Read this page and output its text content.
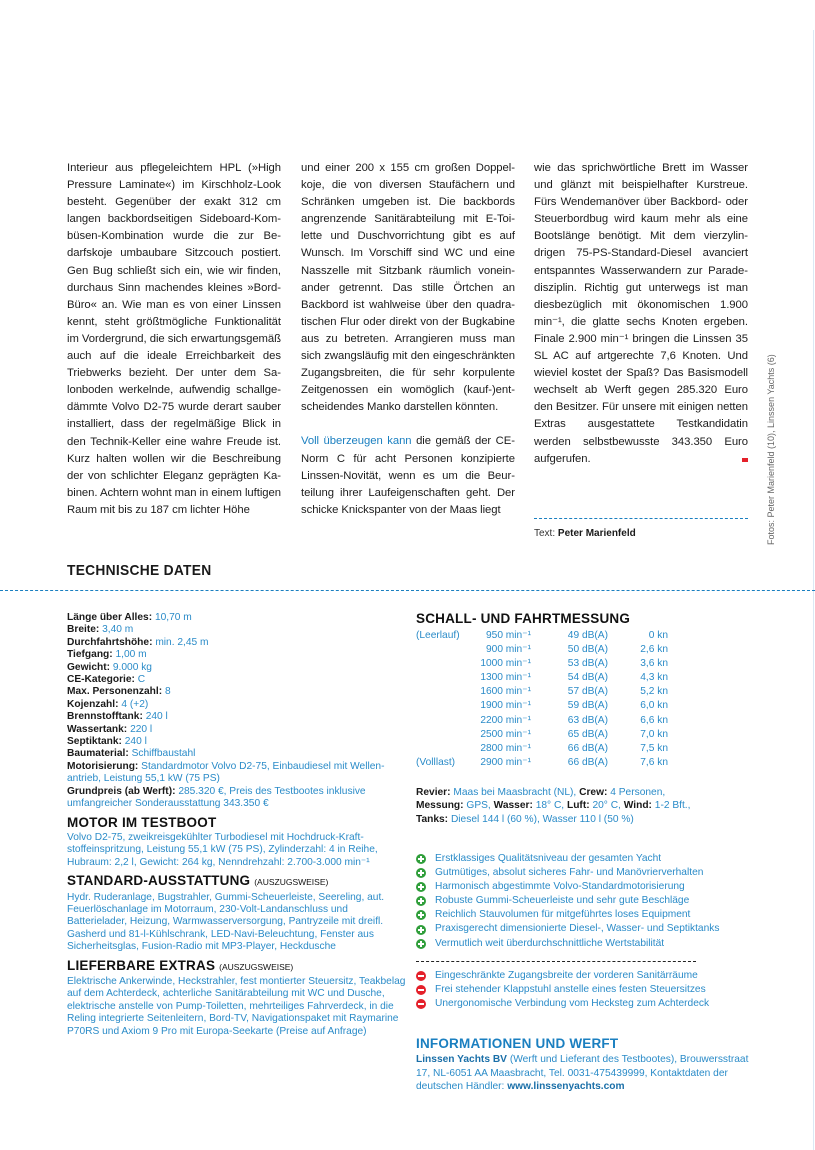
Interieur aus pflegeleichtem HPL (»High Pressure Laminate«) im Kirschholz-Look besteht. Gegenüber der exakt 312 cm langen backbordseitigen Sideboard-Kombüsen-Kombination wurde die zur Bedarfskoje umbaubare Sitzcouch postiert. Gen Bug schließt sich ein, wie wir finden, durchaus Sinn machendes kleines »Bord-Büro« an. Wie man es von einer Linssen kennt, steht größtmögliche Funktionalität im Vordergrund, die sich erwartungsgemäß auch auf die ideale Erreichbarkeit des Triebwerks bezieht. Der unter dem Salonboden werkelnde, aufwendig schallgedämmte Volvo D2-75 wurde derart sauber installiert, dass der regelmäßige Blick in den Technik-Keller eine wahre Freude ist. Kurz halten wollen wir die Beschreibung der von schlichter Eleganz geprägten Kabinen. Achtern wohnt man in einem luftigen Raum mit bis zu 187 cm lichter Höhe

und einer 200 x 155 cm großen Doppelkoje, die von diversen Staufächern und Schränken umgeben ist. Die backbords angrenzende Sanitärabteilung mit E-Toilette und Duschvorrichtung gibt es auf Wunsch. Im Vorschiff sind WC und eine Nasszelle mit Sitzbank räumlich voneinander getrennt. Das stille Örtchen an Backbord ist wahlweise über den quadratischen Flur oder direkt von der Bugkabine aus zu betreten. Arrangieren muss man sich zwangsläufig mit den eingeschränkten Zugangsbreiten, die für sehr korpulente Zeitgenossen ein womöglich (kauf-)entscheidendes Manko darstellen könnten.

Voll überzeugen kann die gemäß der CE-Norm C für acht Personen konzipierte Linssen-Novität, wenn es um die Beurteilung ihrer Laufeigenschaften geht. Der schicke Knickspanter von der Maas liegt

wie das sprichwörtliche Brett im Wasser und glänzt mit beispielhafter Kurstreue. Fürs Wendemanöver über Backbord- oder Steuerbordbug wird kaum mehr als eine Bootslänge benötigt. Mit dem vierzylindrigen 75-PS-Standard-Diesel avanciert entspanntes Wasserwandern zur Paradedisziplin. Richtig gut unterwegs ist man diesbezüglich mit ökonomischen 1.900 min⁻¹, die glatte sechs Knoten ergeben. Finale 2.900 min⁻¹ bringen die Linssen 35 SL AC auf artgerechte 7,6 Knoten. Und wieviel kostet der Spaß? Das Basismodell wechselt ab Werft gegen 285.320 Euro den Besitzer. Für unsere mit einigen netten Extras ausgestattete Testkandidatin werden selbstbewusste 343.350 Euro aufgerufen.

Text: Peter Marienfeld	Fotos: Peter Marienfeld (10), Linssen Yachts (6)
TECHNISCHE DATEN
Länge über Alles: 10,70 m
Breite: 3,40 m
Durchfahrtshöhe: min. 2,45 m
Tiefgang: 1,00 m
Gewicht: 9.000 kg
CE-Kategorie: C
Max. Personenzahl: 8
Kojenzahl: 4 (+2)
Brennstofftank: 240 l
Wassertank: 220 l
Septiktank: 240 l
Baumaterial: Schiffbaustahl
Motorisierung: Standardmotor Volvo D2-75, Einbaudiesel mit Wellenantrieb, Leistung 55,1 kW (75 PS)
Grundpreis (ab Werft): 285.320 €, Preis des Testbootes inklusive umfangreicher Sonderausstattung 343.350 €
MOTOR IM TESTBOOT
Volvo D2-75, zweikreisgekühlter Turbodiesel mit Hochdruck-Kraftstoffeinspritzung, Leistung 55,1 kW (75 PS), Zylinderzahl: 4 in Reihe, Hubraum: 2,2 l, Gewicht: 264 kg, Nenndrehzahl: 2.700-3.000 min⁻¹
STANDARD-AUSSTATTUNG (AUSZUGSWEISE)
Hydr. Ruderanlage, Bugstrahler, Gummi-Scheuerleiste, Seereling, aut. Feuerlöschanlage im Motorraum, 230-Volt-Landanschluss und Batterielader, Heizung, Warmwasserversorgung, Pantryzeile mit dreifl. Gasherd und 81-l-Kühlschrank, LED-Navi-Beleuchtung, Fenster aus Sicherheitsglas, Fusion-Radio mit MP3-Player, Heckdusche
LIEFERBARE EXTRAS (AUSZUGSWEISE)
Elektrische Ankerwinde, Heckstrahler, fest montierter Steuersitz, Teakbelag auf dem Achterdeck, achterliche Sanitärabteilung mit WC und Dusche, elektrische anstelle von Pump-Toiletten, mehrteiliges Fahrverdeck, in die Reling integrierte Seitenleitern, Bord-TV, Navigationspaket mit Raymarine P70RS und Axiom 9 Pro mit Europa-Seekarte (Preise auf Anfrage)
SCHALL- UND FAHRTMESSUNG
(Leerlauf)	950 min⁻¹	49 dB(A)	0 kn
	900 min⁻¹	50 dB(A)	2,6 kn
	1000 min⁻¹	53 dB(A)	3,6 kn
	1300 min⁻¹	54 dB(A)	4,3 kn
	1600 min⁻¹	57 dB(A)	5,2 kn
	1900 min⁻¹	59 dB(A)	6,0 kn
	2200 min⁻¹	63 dB(A)	6,6 kn
	2500 min⁻¹	65 dB(A)	7,0 kn
	2800 min⁻¹	66 dB(A)	7,5 kn
(Volllast)	2900 min⁻¹	66 dB(A)	7,6 kn
Revier: Maas bei Maasbracht (NL), Crew: 4 Personen,
Messung: GPS, Wasser: 18° C, Luft: 20° C, Wind: 1-2 Bft.,
Tanks: Diesel 144 l (60 %), Wasser 110 l (50 %)
Erstklassiges Qualitätsniveau der gesamten Yacht
Gutmütiges, absolut sicheres Fahr- und Manövrierverhalten
Harmonisch abgestimmte Volvo-Standardmotorisierung
Robuste Gummi-Scheuerleiste und sehr gute Beschläge
Reichlich Stauvolumen für mitgeführtes loses Equipment
Praxisgerecht dimensionierte Diesel-, Wasser- und Septiktanks
Vermutlich weit überdurchschnittliche Wertstabilität
Eingeschränkte Zugangsbreite der vorderen Sanitärräume
Frei stehender Klappstuhl anstelle eines festen Steuersitzes
Unergonomische Verbindung vom Hecksteg zum Achterdeck
INFORMATIONEN UND WERFT
Linssen Yachts BV (Werft und Lieferant des Testbootes), Brouwersstraat 17, NL-6051 AA Maasbracht, Tel. 0031-475439999, Kontaktdaten der deutschen Händler: www.linssenyachts.com
